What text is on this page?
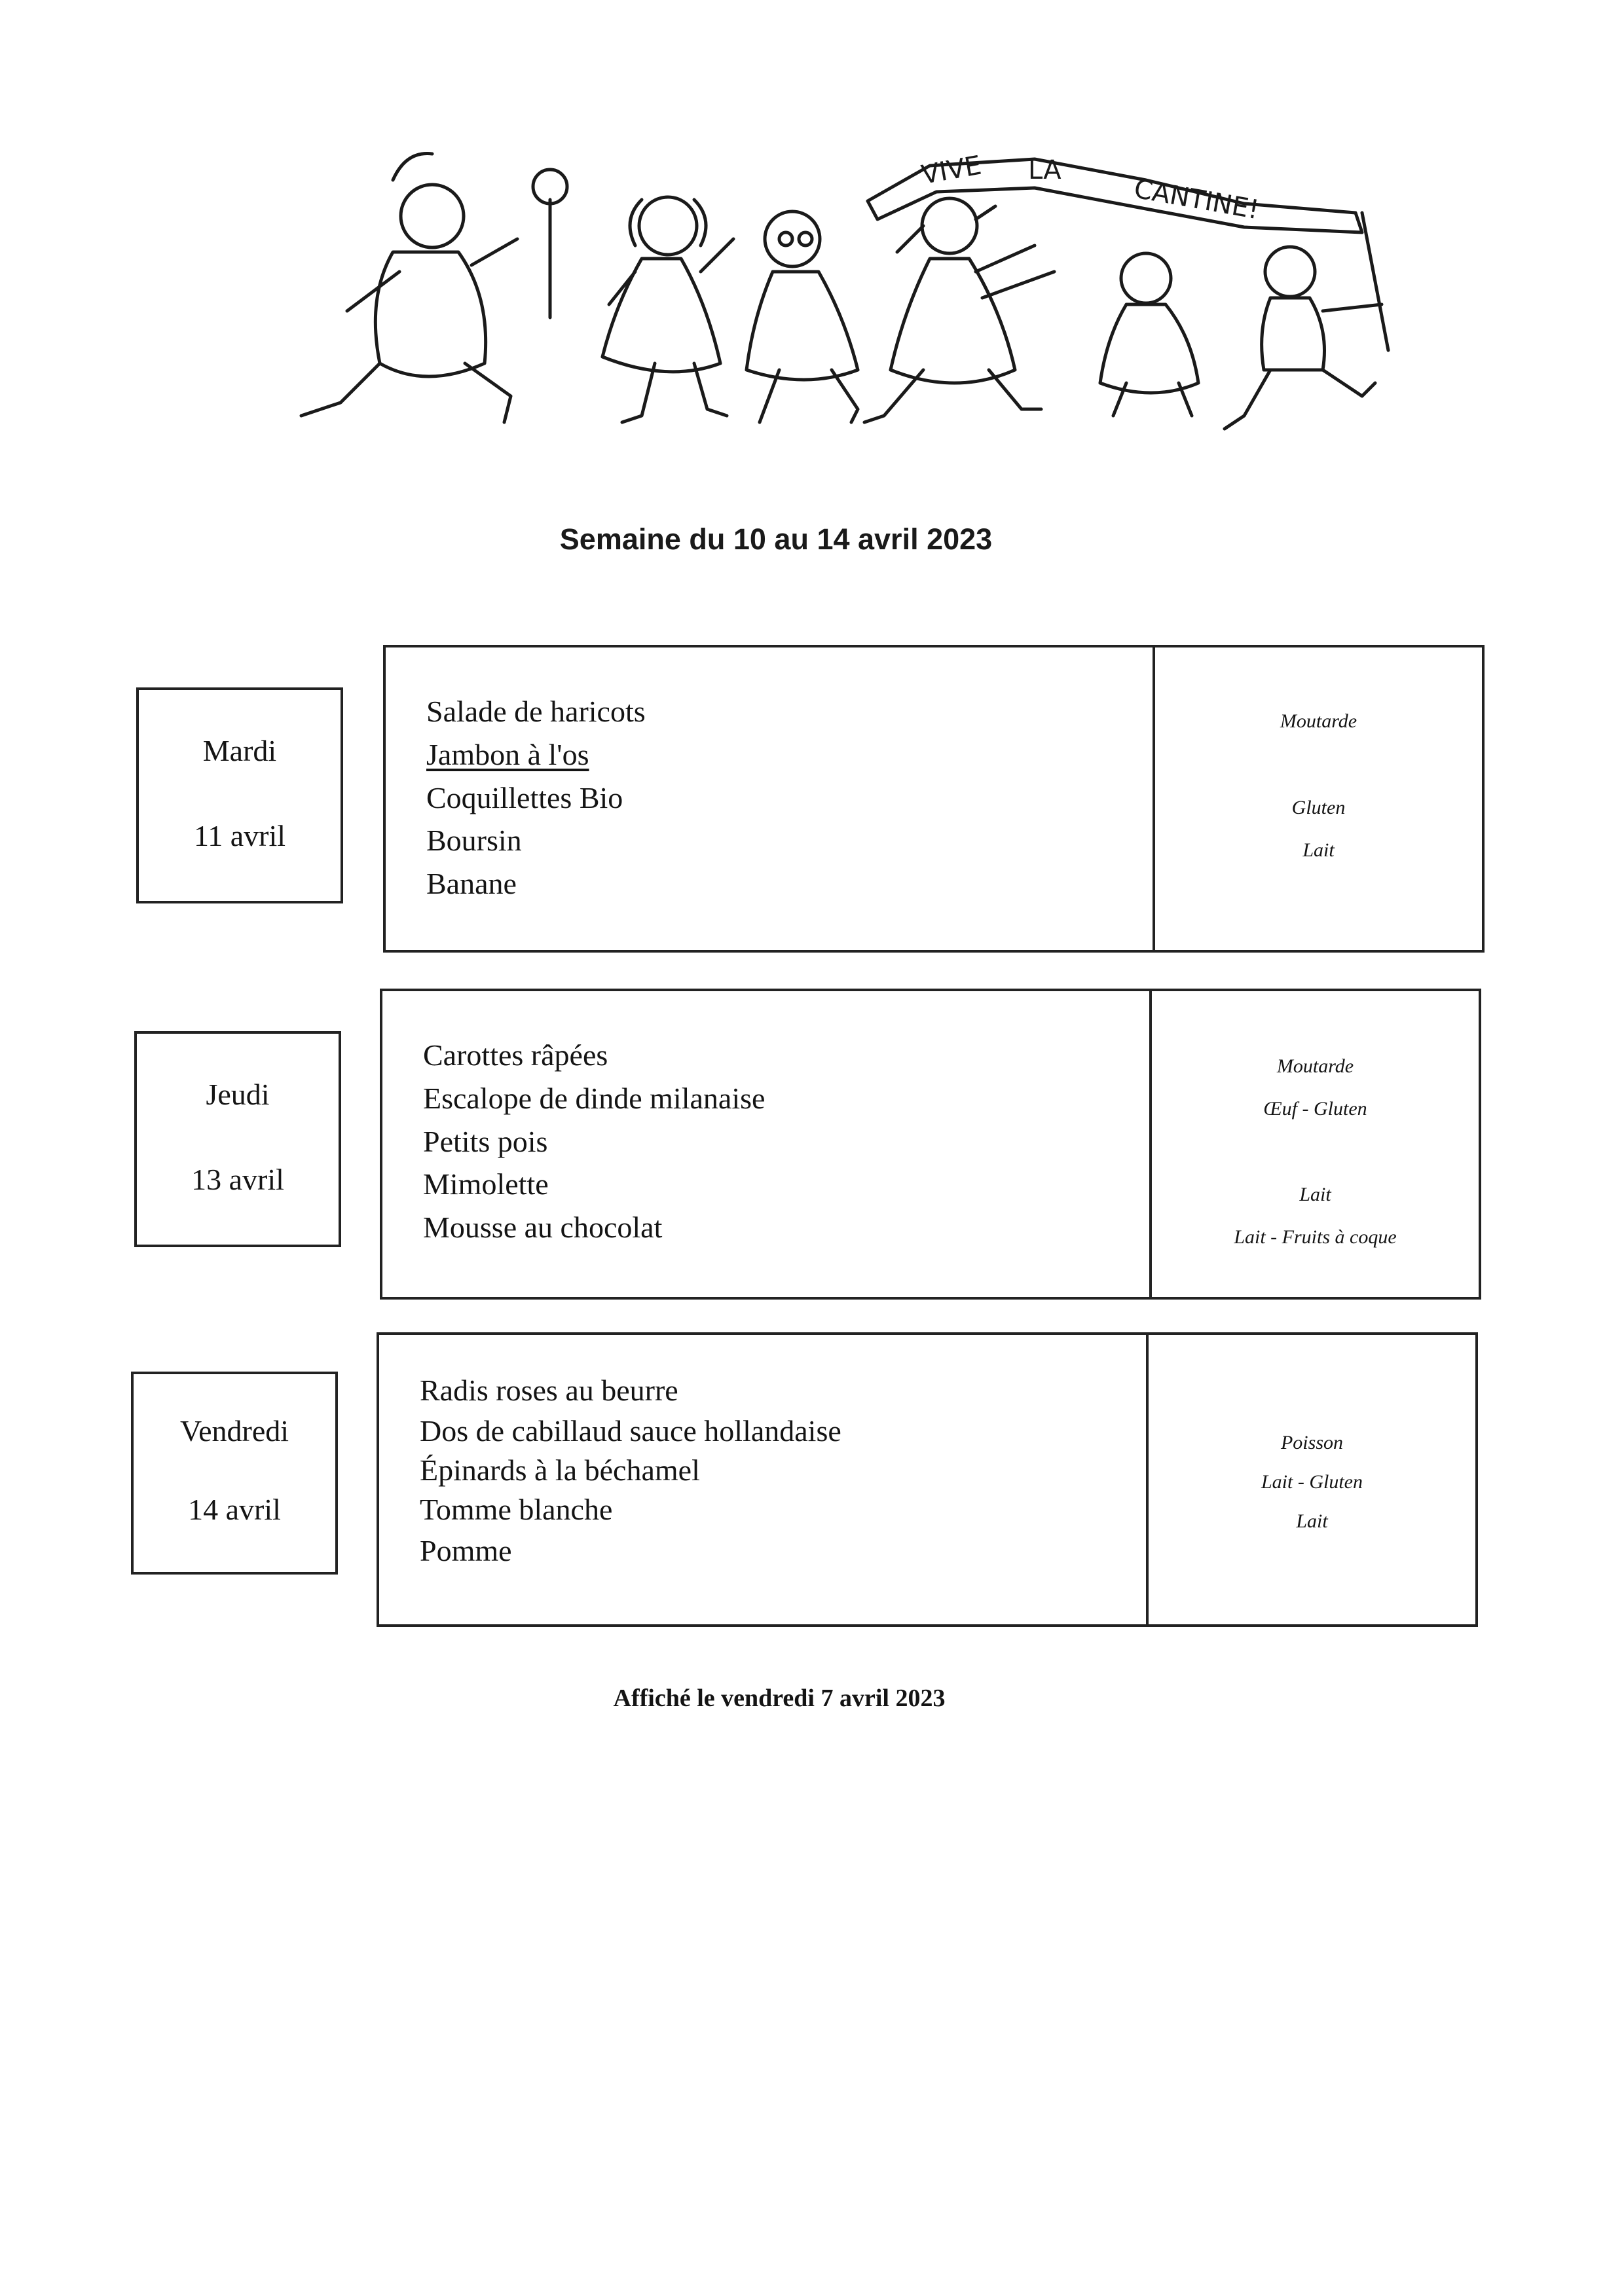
VIVE LA
CANTINE!
Semaine du 10 au 14 avril 2023
Mardi
11 avril
Salade de haricots
Jambon à l'os
Coquillettes Bio
Boursin
Banane
Moutarde
Gluten
Lait
Jeudi
13 avril
Carottes râpées
Escalope de dinde milanaise
Petits pois
Mimolette
Mousse au chocolat
Moutarde
Œuf - Gluten
Lait
Lait - Fruits à coque
Vendredi
14 avril
Radis roses au beurre
Dos de cabillaud sauce hollandaise
Épinards à la béchamel
Tomme blanche
Pomme
Poisson
Lait - Gluten
Lait
Affiché le vendredi 7 avril 2023
